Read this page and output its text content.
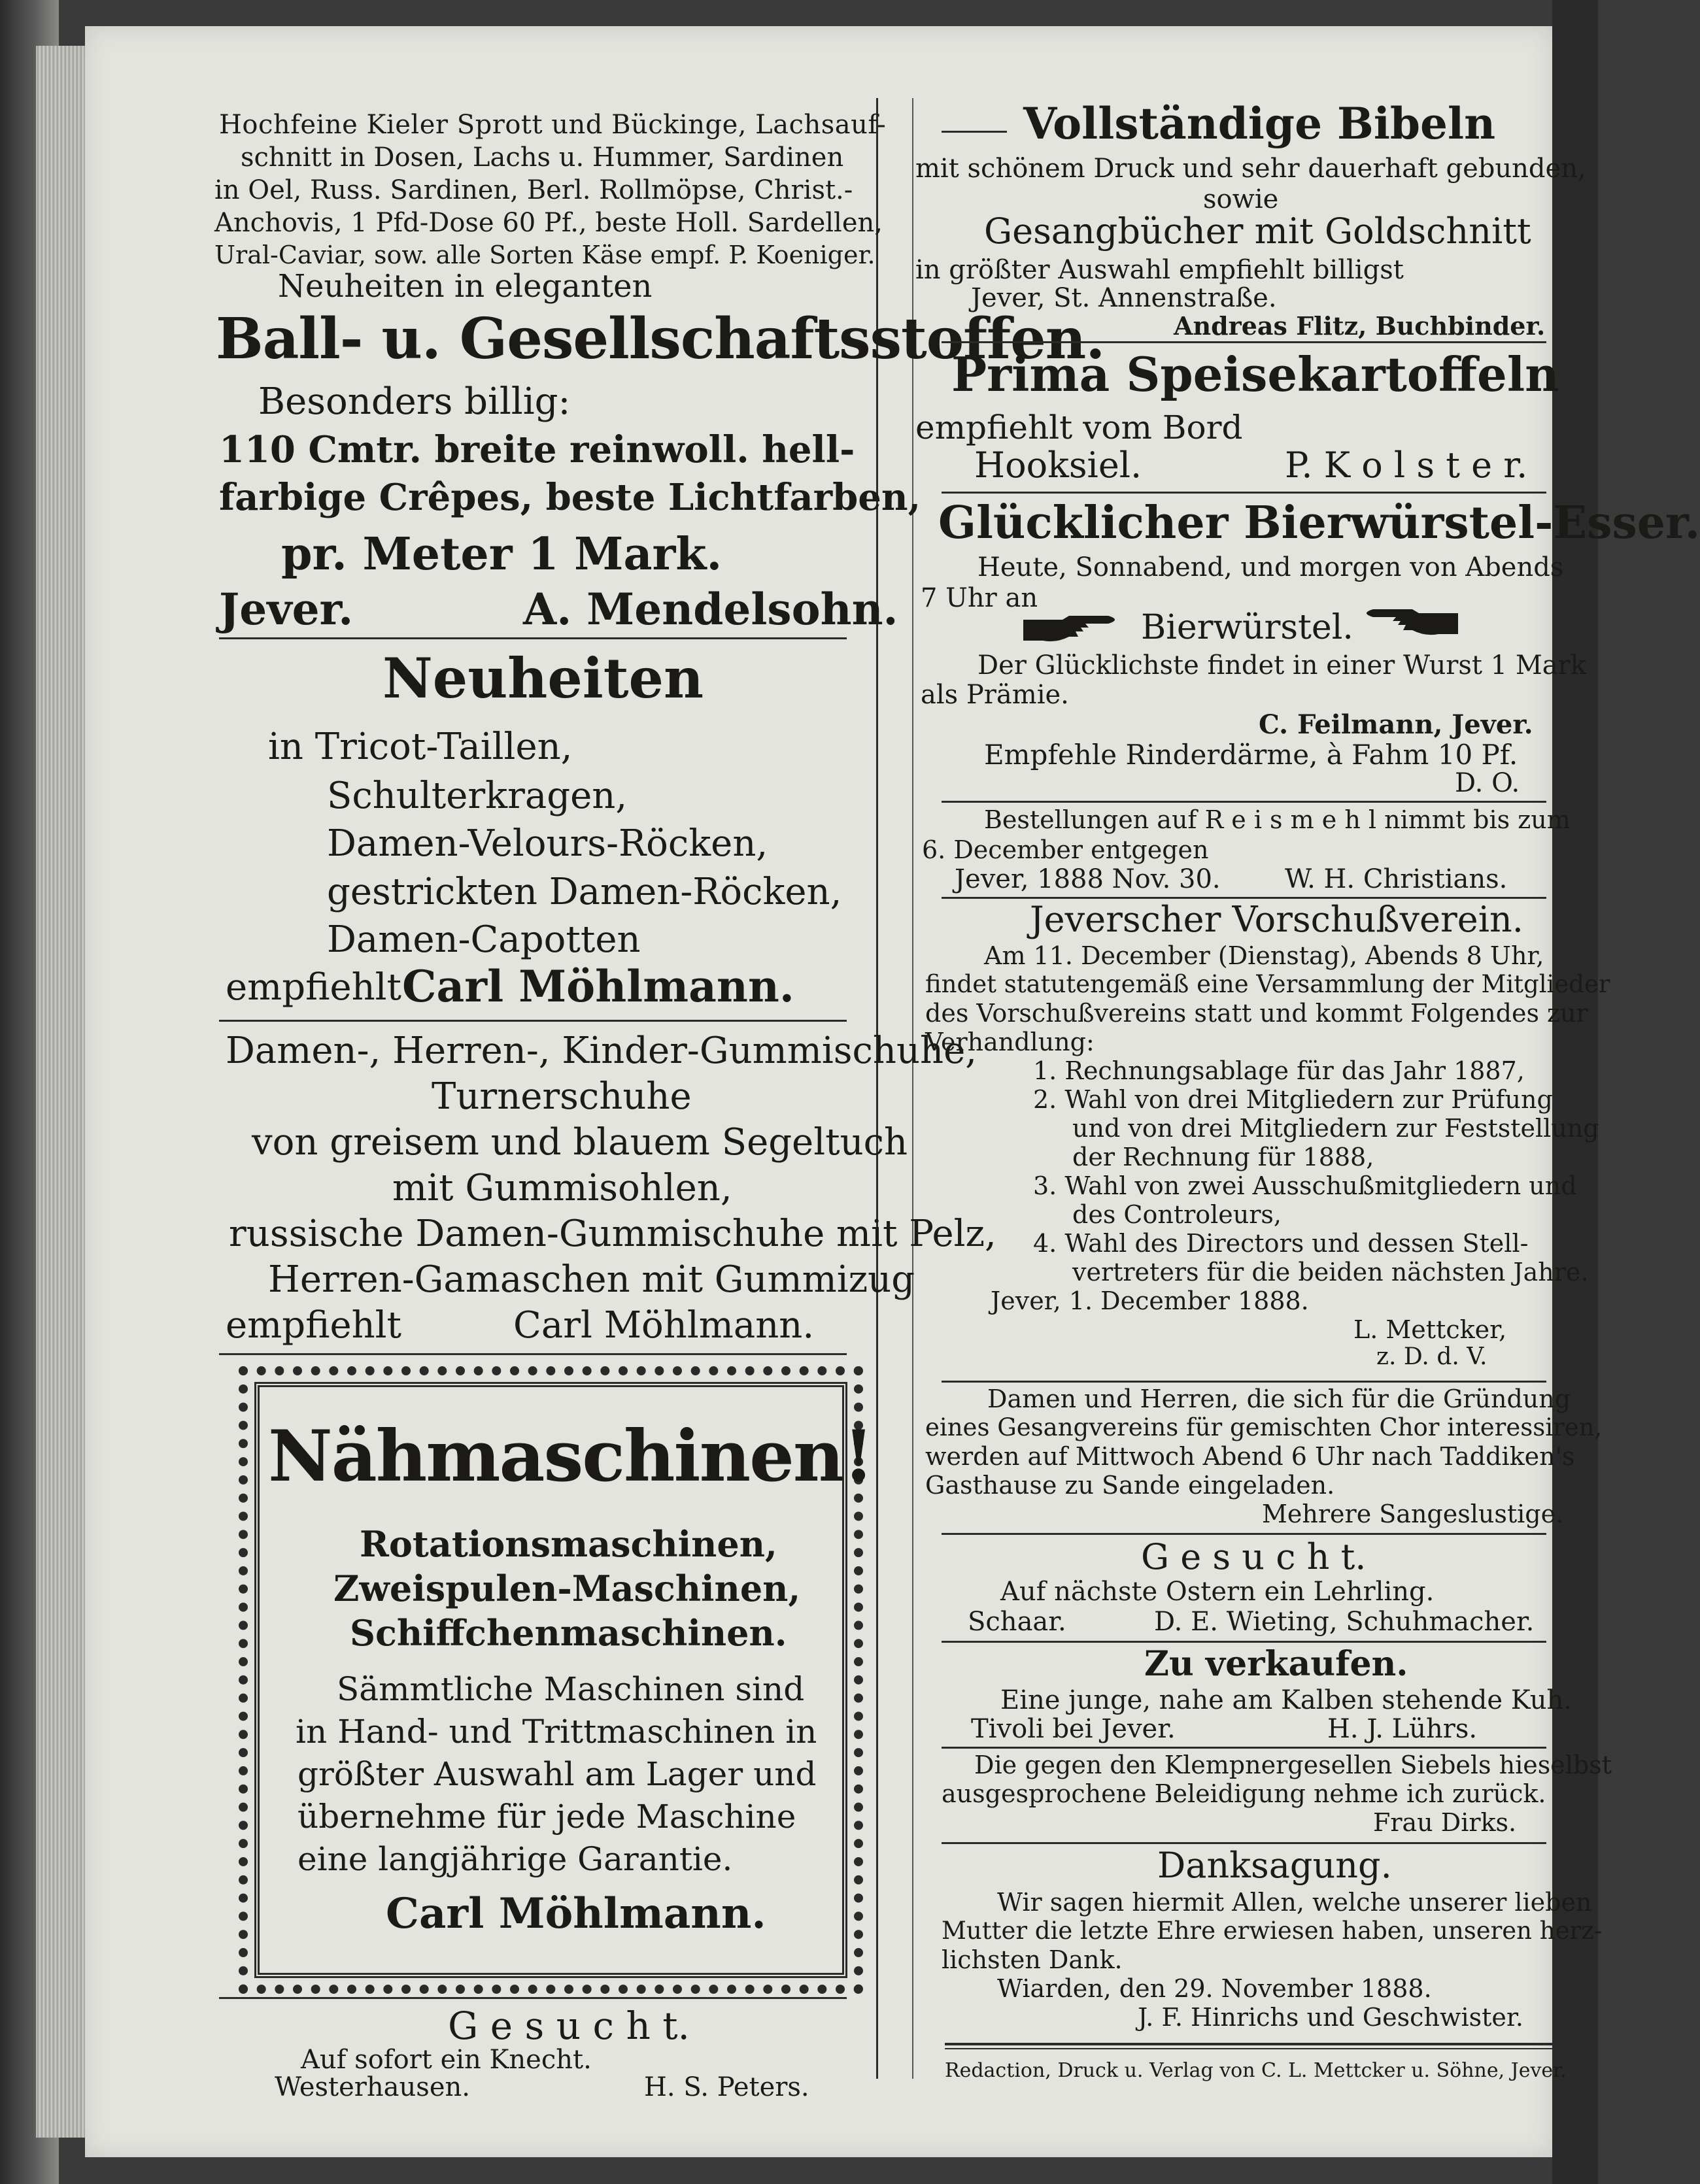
Hochfeine Kieler Sprott und Bückinge, Lachsauf-
schnitt in Dosen, Lachs u. Hummer, Sardinen
in Oel, Russ. Sardinen, Berl. Rollmöpse, Christ.-
Anchovis, 1 Pfd-Dose 60 Pf., beste Holl. Sardellen,
Ural-Caviar, sow. alle Sorten Käse empf. P. Koeniger.
Neuheiten in eleganten
Ball- u. Gesellschaftsstoffen.
Besonders billig:
110 Cmtr. breite reinwoll. hell-
farbige Crêpes, beste Lichtfarben,
pr. Meter 1 Mark.
Jever.	A. Mendelsohn.
Neuheiten
in Tricot-Taillen,
Schulterkragen,
Damen-Velours-Röcken,
gestrickten Damen-Röcken,
Damen-Capotten
empfiehlt Carl Möhlmann.
Damen-, Herren-, Kinder-Gummischuhe,
Turnerschuhe
von greisem und blauem Segeltuch
mit Gummisohlen,
russische Damen-Gummischuhe mit Pelz,
Herren-Gamaschen mit Gummizug
empfiehlt	Carl Möhlmann.
Nähmaschinen!
Rotationsmaschinen,
Zweispulen-Maschinen,
Schiffchenmaschinen.
Sämmtliche Maschinen sind
in Hand- und Trittmaschinen in
größter Auswahl am Lager und
übernehme für jede Maschine
eine langjährige Garantie.
Carl Möhlmann.
G e s u c h t.
Auf sofort ein Knecht.
Westerhausen.	H. S. Peters.
Vollständige Bibeln
mit schönem Druck und sehr dauerhaft gebunden,
sowie
Gesangbücher mit Goldschnitt
in größter Auswahl empfiehlt billigst
Jever, St. Annenstraße.
Andreas Flitz, Buchbinder.
Prima Speisekartoffeln
empfiehlt vom Bord
Hooksiel.	P. K o l s t e r.
Glücklicher Bierwürstel-Esser.
Heute, Sonnabend, und morgen von Abends
7 Uhr an
Bierwürstel.
Der Glücklichste findet in einer Wurst 1 Mark
als Prämie.
C. Feilmann, Jever.
Empfehle Rinderdärme, à Fahm 10 Pf.
D. O.
Bestellungen auf R e i s m e h l nimmt bis zum
6. December entgegen
Jever, 1888 Nov. 30. W. H. Christians.
Jeverscher Vorschußverein.
Am 11. December (Dienstag), Abends 8 Uhr,
findet statutengemäß eine Versammlung der Mitglieder
des Vorschußvereins statt und kommt Folgendes zur
Verhandlung:
1. Rechnungsablage für das Jahr 1887,
2. Wahl von drei Mitgliedern zur Prüfung
und von drei Mitgliedern zur Feststellung
der Rechnung für 1888,
3. Wahl von zwei Ausschußmitgliedern und
des Controleurs,
4. Wahl des Directors und dessen Stell-
vertreters für die beiden nächsten Jahre.
Jever, 1. December 1888.
L. Mettcker,
z. D. d. V.
Damen und Herren, die sich für die Gründung
eines Gesangvereins für gemischten Chor interessiren,
werden auf Mittwoch Abend 6 Uhr nach Taddiken's
Gasthause zu Sande eingeladen.
Mehrere Sangeslustige.
G e s u c h t.
Auf nächste Ostern ein Lehrling.
Schaar.	D. E. Wieting, Schuhmacher.
Zu verkaufen.
Eine junge, nahe am Kalben stehende Kuh.
Tivoli bei Jever.	H. J. Lührs.
Die gegen den Klempnergesellen Siebels hieselbst
ausgesprochene Beleidigung nehme ich zurück.
Frau Dirks.
Danksagung.
Wir sagen hiermit Allen, welche unserer lieben
Mutter die letzte Ehre erwiesen haben, unseren herz-
lichsten Dank.
Wiarden, den 29. November 1888.
J. F. Hinrichs und Geschwister.
Redaction, Druck u. Verlag von C. L. Mettcker u. Söhne, Jever.
